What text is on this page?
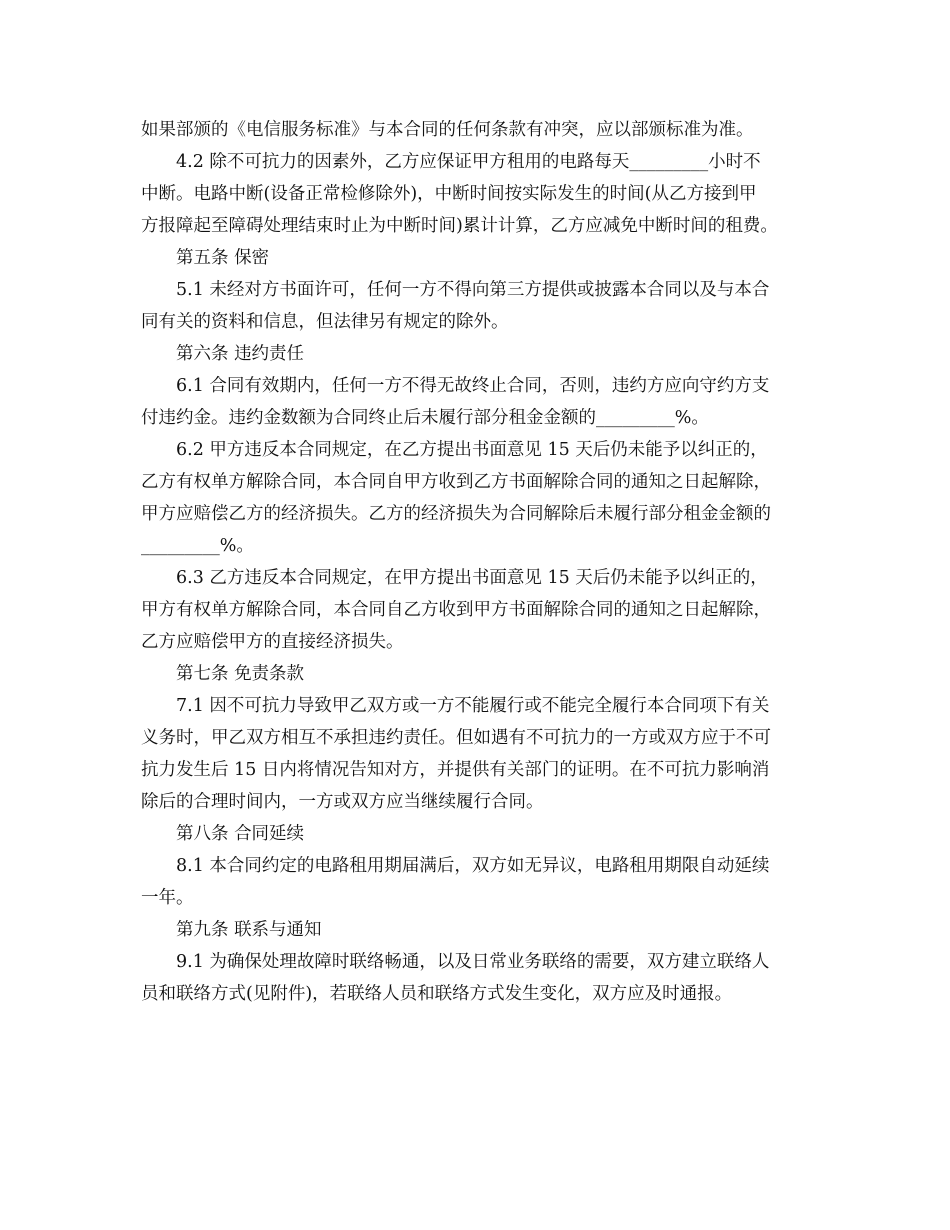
如果部颁的《电信服务标准》与本合同的任何条款有冲突，应以部颁标准为准。
4.2 除不可抗力的因素外，乙方应保证甲方租用的电路每天_________小时不
中断。电路中断(设备正常检修除外)，中断时间按实际发生的时间(从乙方接到甲
方报障起至障碍处理结束时止为中断时间)累计计算，乙方应减免中断时间的租费。
第五条 保密
5.1 未经对方书面许可，任何一方不得向第三方提供或披露本合同以及与本合
同有关的资料和信息，但法律另有规定的除外。
第六条 违约责任
6.1 合同有效期内，任何一方不得无故终止合同，否则，违约方应向守约方支
付违约金。违约金数额为合同终止后未履行部分租金金额的_________%。
6.2 甲方违反本合同规定，在乙方提出书面意见 15 天后仍未能予以纠正的，
乙方有权单方解除合同，本合同自甲方收到乙方书面解除合同的通知之日起解除，
甲方应赔偿乙方的经济损失。乙方的经济损失为合同解除后未履行部分租金金额的
_________%。
6.3 乙方违反本合同规定，在甲方提出书面意见 15 天后仍未能予以纠正的，
甲方有权单方解除合同，本合同自乙方收到甲方书面解除合同的通知之日起解除，
乙方应赔偿甲方的直接经济损失。
第七条 免责条款
7.1 因不可抗力导致甲乙双方或一方不能履行或不能完全履行本合同项下有关
义务时，甲乙双方相互不承担违约责任。但如遇有不可抗力的一方或双方应于不可
抗力发生后 15 日内将情况告知对方，并提供有关部门的证明。在不可抗力影响消
除后的合理时间内，一方或双方应当继续履行合同。
第八条 合同延续
8.1 本合同约定的电路租用期届满后，双方如无异议，电路租用期限自动延续
一年。
第九条 联系与通知
9.1 为确保处理故障时联络畅通，以及日常业务联络的需要，双方建立联络人
员和联络方式(见附件)，若联络人员和联络方式发生变化，双方应及时通报。
